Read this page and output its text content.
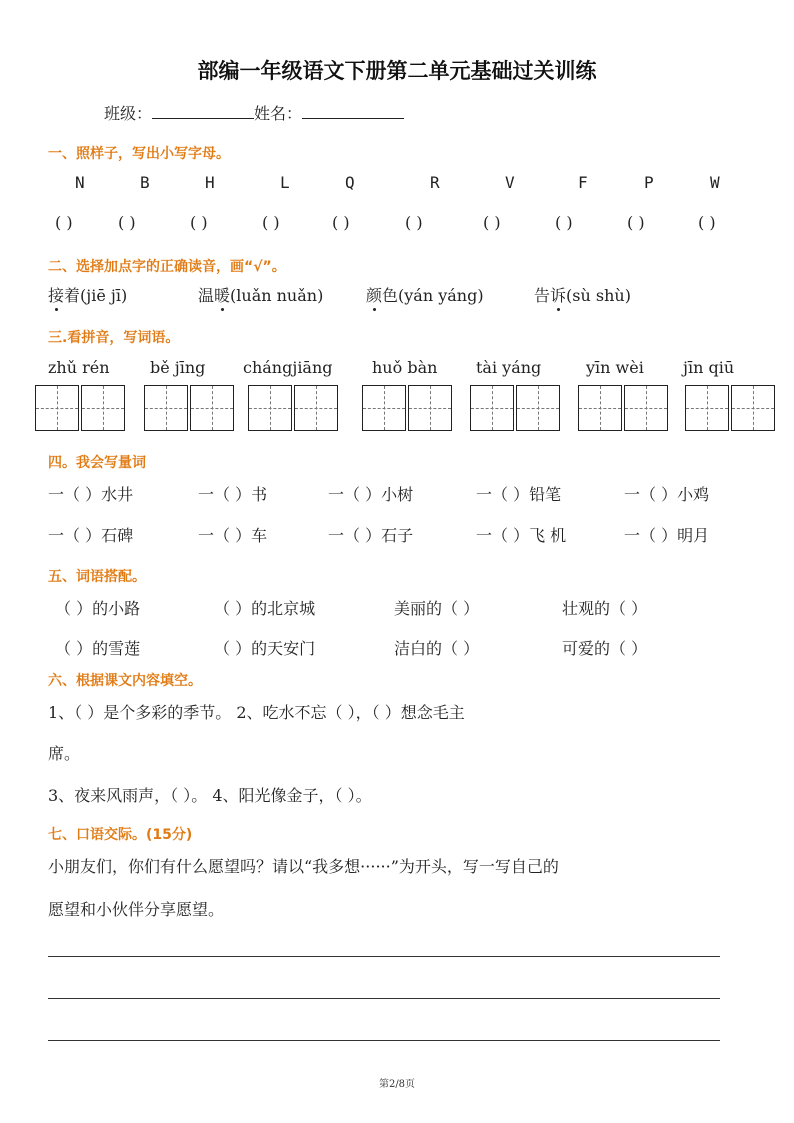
部编一年级语文下册第二单元基础过关训练
班级：	姓名：
一、照样子，写出小写字母。
N	B	H	L	Q	R	V	F	P	W
( )	( )	( )	( )	( )	( )	( )	( )	( )	( )
二、选择加点字的正确读音，画“√”。
接着(jiē jī)	温暖(luǎn nuǎn)	颜色(yán yáng)	告诉(sù shù)
三.看拼音，写词语。
zhǔ rén	bě jīng chángjiāng huǒ bàn tài yáng	yīn wèi jīn qiū
四。我会写量词
一（ ）水井	一（ ）书	一（ ）小树	一（ ）铅笔	一（ ）小鸡
一（ ）石碑	一（ ）车	一（ ）石子	一（ ）飞 机	一（ ）明月
五、词语搭配。
（ ）的小路	（ ）的北京城	美丽的（ ）	壮观的（ ）
（ ）的雪莲	（ ）的天安门	洁白的（ ）	可爱的（ ）
六、根据课文内容填空。
1、（ ）是个多彩的季节。 2、吃水不忘（ ），（ ）想念毛主
席。
3、夜来风雨声，（ ）。 4、阳光像金子，（ ）。
七、口语交际。(15分)
小朋友们，你们有什么愿望吗？请以“我多想······”为开头，写一写自己的
愿望和小伙伴分享愿望。
第2/8页
